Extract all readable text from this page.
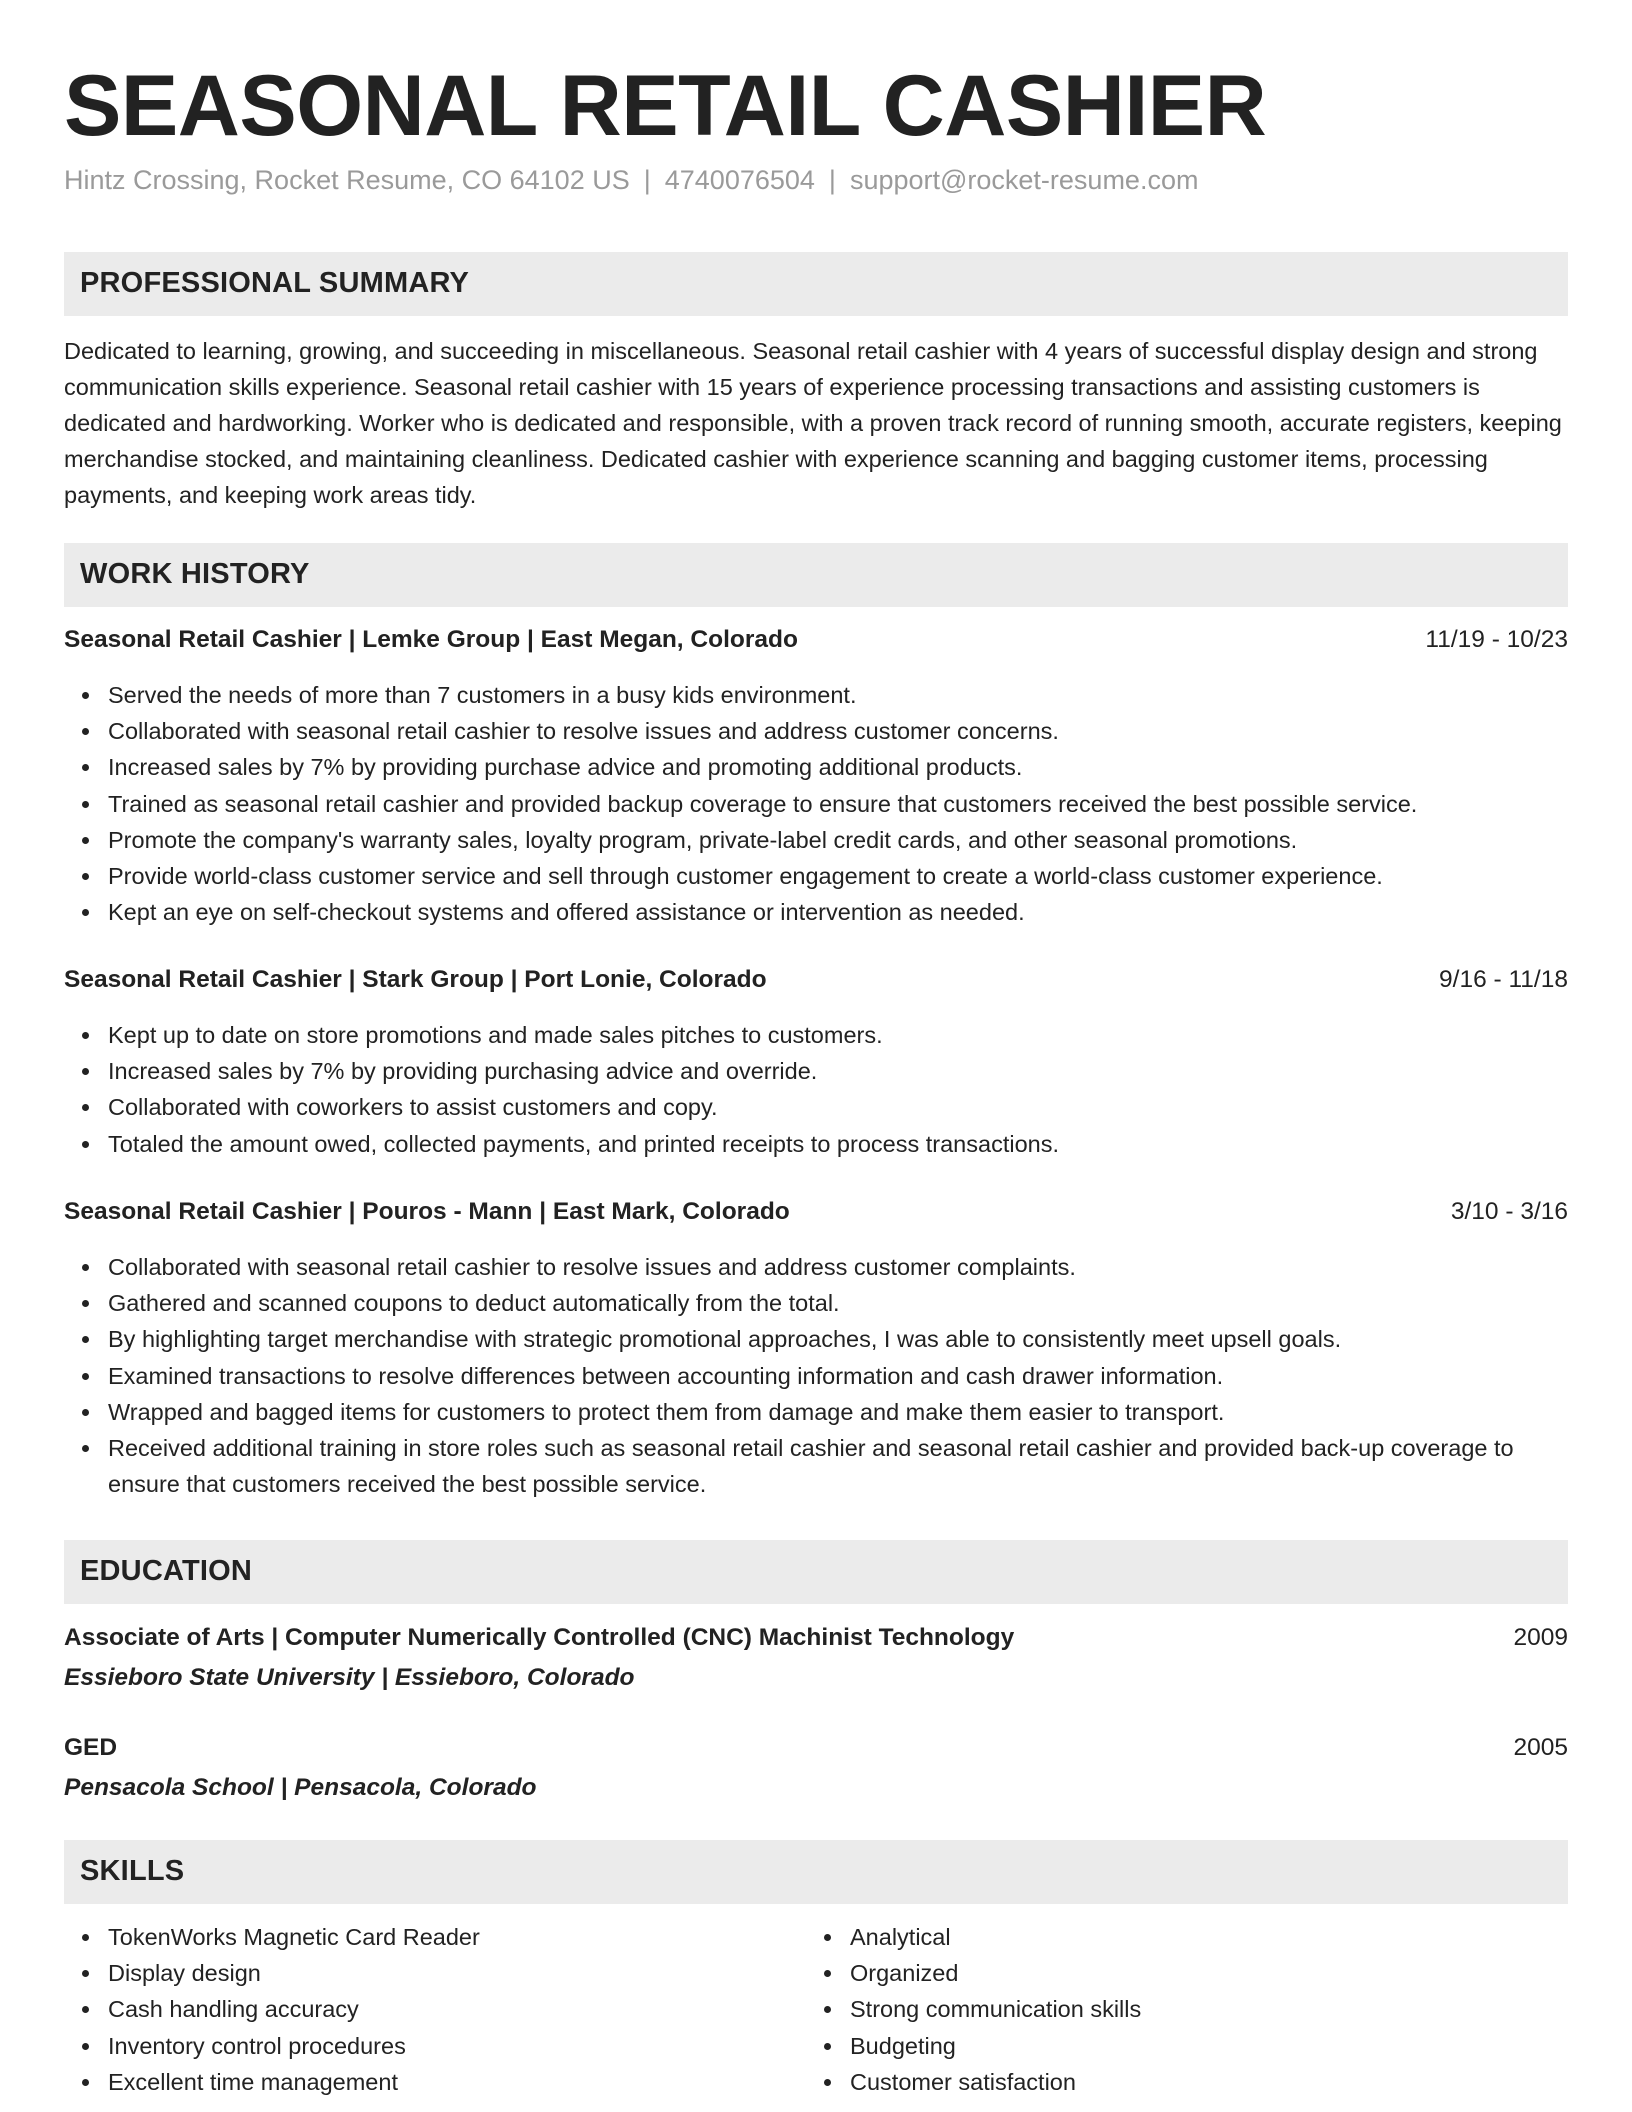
SEASONAL RETAIL CASHIER
Hintz Crossing, Rocket Resume, CO 64102 US | 4740076504 | support@rocket-resume.com
PROFESSIONAL SUMMARY

Dedicated to learning, growing, and succeeding in miscellaneous. Seasonal retail cashier with 4 years of successful display design and strong communication skills experience. Seasonal retail cashier with 15 years of experience processing transactions and assisting customers is dedicated and hardworking. Worker who is dedicated and responsible, with a proven track record of running smooth, accurate registers, keeping merchandise stocked, and maintaining cleanliness. Dedicated cashier with experience scanning and bagging customer items, processing payments, and keeping work areas tidy.

WORK HISTORY
Seasonal Retail Cashier | Lemke Group | East Megan, Colorado	11/19 - 10/23
Served the needs of more than 7 customers in a busy kids environment.
Collaborated with seasonal retail cashier to resolve issues and address customer concerns.
Increased sales by 7% by providing purchase advice and promoting additional products.
Trained as seasonal retail cashier and provided backup coverage to ensure that customers received the best possible service.
Promote the company's warranty sales, loyalty program, private-label credit cards, and other seasonal promotions.
Provide world-class customer service and sell through customer engagement to create a world-class customer experience.
Kept an eye on self-checkout systems and offered assistance or intervention as needed.
Seasonal Retail Cashier | Stark Group | Port Lonie, Colorado	9/16 - 11/18
Kept up to date on store promotions and made sales pitches to customers.
Increased sales by 7% by providing purchasing advice and override.
Collaborated with coworkers to assist customers and copy.
Totaled the amount owed, collected payments, and printed receipts to process transactions.
Seasonal Retail Cashier | Pouros - Mann | East Mark, Colorado	3/10 - 3/16
Collaborated with seasonal retail cashier to resolve issues and address customer complaints.
Gathered and scanned coupons to deduct automatically from the total.
By highlighting target merchandise with strategic promotional approaches, I was able to consistently meet upsell goals.
Examined transactions to resolve differences between accounting information and cash drawer information.
Wrapped and bagged items for customers to protect them from damage and make them easier to transport.
Received additional training in store roles such as seasonal retail cashier and seasonal retail cashier and provided back-up coverage to ensure that customers received the best possible service.
EDUCATION
Associate of Arts | Computer Numerically Controlled (CNC) Machinist Technology	2009
Essieboro State University | Essieboro, Colorado
GED	2005
Pensacola School | Pensacola, Colorado
SKILLS
TokenWorks Magnetic Card Reader
Display design
Cash handling accuracy
Inventory control procedures
Excellent time management
Analytical
Organized
Strong communication skills
Budgeting
Customer satisfaction
